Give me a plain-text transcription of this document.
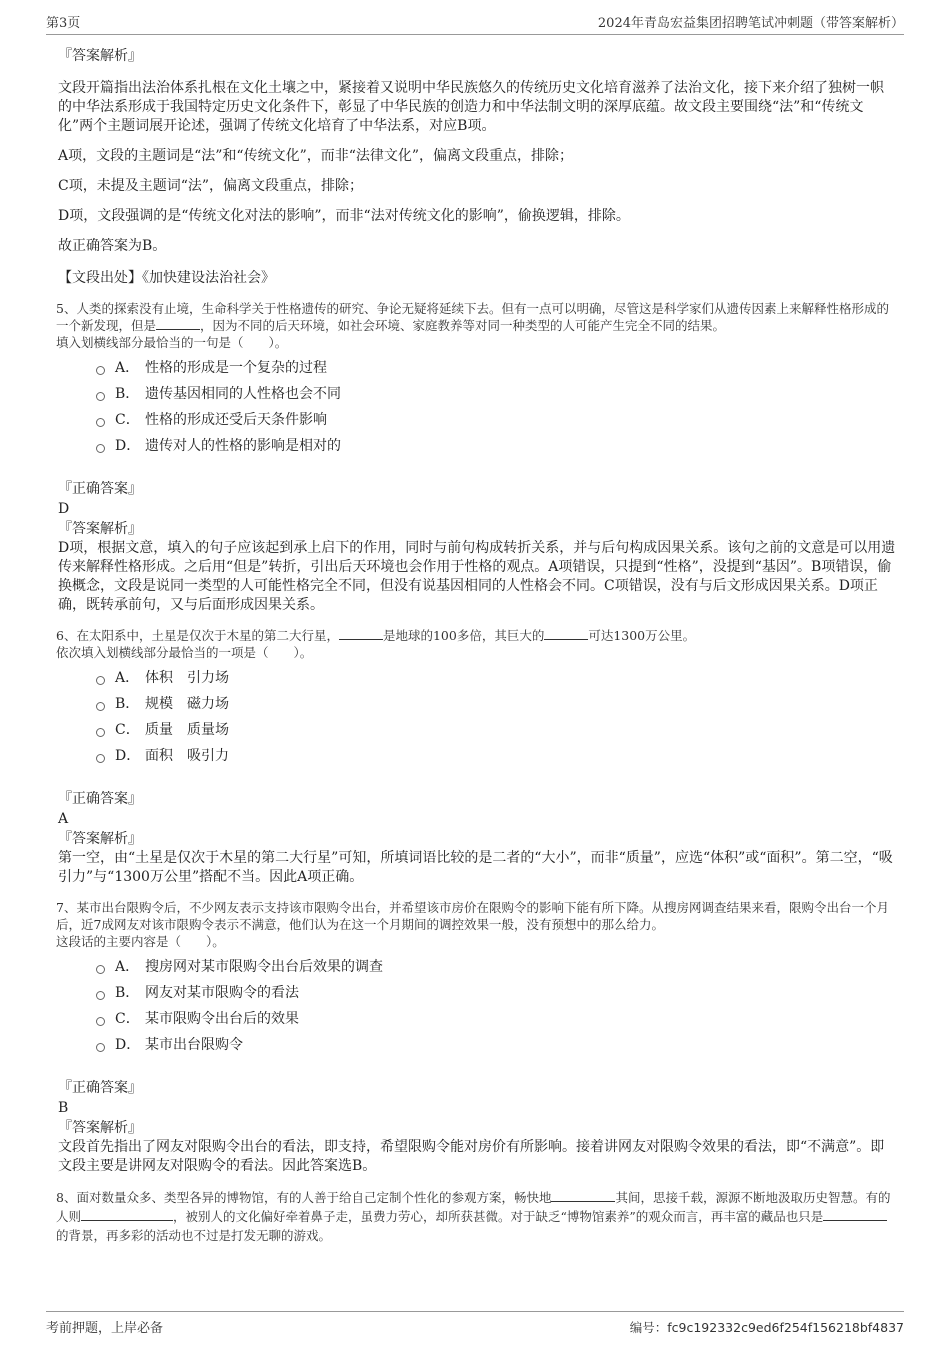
第3页	2024年青岛宏益集团招聘笔试冲刺题（带答案解析）
『答案解析』

文段开篇指出法治体系扎根在文化土壤之中，紧接着又说明中华民族悠久的传统历史文化培育滋养了法治文化，接下来介绍了独树一帜的中华法系形成于我国特定历史文化条件下，彰显了中华民族的创造力和中华法制文明的深厚底蕴。故文段主要围绕“法”和“传统文化”两个主题词展开论述，强调了传统文化培育了中华法系，对应B项。

A项，文段的主题词是“法”和“传统文化”，而非“法律文化”，偏离文段重点，排除；

C项，未提及主题词“法”，偏离文段重点，排除；

D项，文段强调的是“传统文化对法的影响”，而非“法对传统文化的影响”，偷换逻辑，排除。

故正确答案为B。

【文段出处】《加快建设法治社会》

5、人类的探索没有止境，生命科学关于性格遗传的研究、争论无疑将延续下去。但有一点可以明确，尽管这是科学家们从遗传因素上来解释性格形成的一个新发现，但是	，因为不同的后天环境，如社会环境、家庭教养等对同一种类型的人可能产生完全不同的结果。

填入划横线部分最恰当的一句是（　　）。

A． 性格的形成是一个复杂的过程
B． 遗传基因相同的人性格也会不同
C． 性格的形成还受后天条件影响
D． 遗传对人的性格的影响是相对的
『正确答案』
D
『答案解析』

D项，根据文意，填入的句子应该起到承上启下的作用，同时与前句构成转折关系，并与后句构成因果关系。该句之前的文意是可以用遗传来解释性格形成。之后用“但是”转折，引出后天环境也会作用于性格的观点。A项错误，只提到“性格”，没提到“基因”。B项错误，偷换概念，文段是说同一类型的人可能性格完全不同，但没有说基因相同的人性格会不同。C项错误，没有与后文形成因果关系。D项正确，既转承前句，又与后面形成因果关系。

6、在太阳系中，土星是仅次于木星的第二大行星，	是地球的100多倍，其巨大的	可达1300万公里。

依次填入划横线部分最恰当的一项是（　　）。

A． 体积　引力场
B． 规模　磁力场
C． 质量　质量场
D． 面积　吸引力
『正确答案』
A
『答案解析』

第一空，由“土星是仅次于木星的第二大行星”可知，所填词语比较的是二者的“大小”，而非“质量”，应选“体积”或“面积”。第二空，“吸引力”与“1300万公里”搭配不当。因此A项正确。

7、某市出台限购令后，不少网友表示支持该市限购令出台，并希望该市房价在限购令的影响下能有所下降。从搜房网调查结果来看，限购令出台一个月后，近7成网友对该市限购令表示不满意，他们认为在这一个月期间的调控效果一般，没有预想中的那么给力。

这段话的主要内容是（　　）。

A． 搜房网对某市限购令出台后效果的调查
B． 网友对某市限购令的看法
C． 某市限购令出台后的效果
D． 某市出台限购令
『正确答案』
B
『答案解析』

文段首先指出了网友对限购令出台的看法，即支持，希望限购令能对房价有所影响。接着讲网友对限购令效果的看法，即“不满意”。即文段主要是讲网友对限购令的看法。因此答案选B。

8、面对数量众多、类型各异的博物馆，有的人善于给自己定制个性化的参观方案，畅快地	其间，思接千载，源源不断地汲取历史智慧。有的人则	，被别人的文化偏好牵着鼻子走，虽费力劳心，却所获甚微。对于缺乏“博物馆素养”的观众而言，再丰富的藏品也只是的背景，再多彩的活动也不过是打发无聊的游戏。

考前押题，上岸必备	编号：fc9c192332c9ed6f254f156218bf4837
